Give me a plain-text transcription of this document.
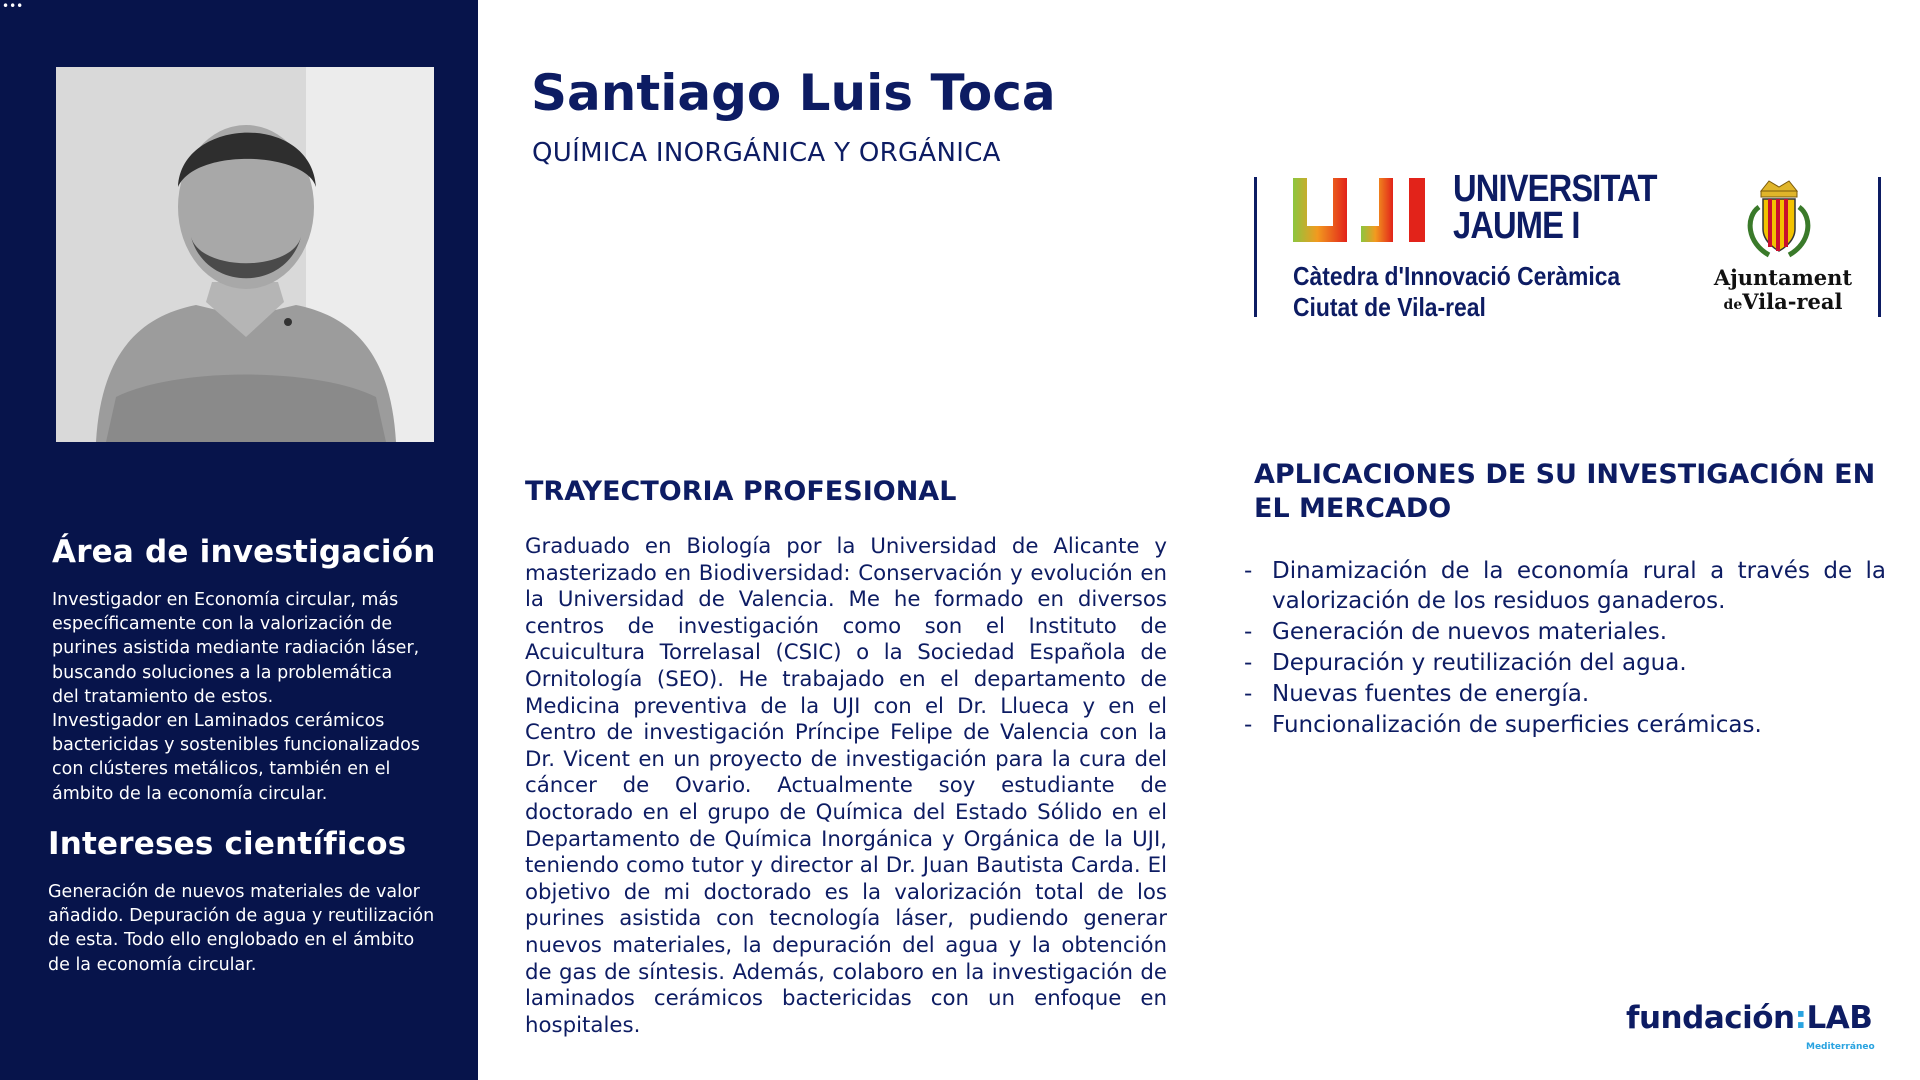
•••
Área de investigación

Investigador en Economía circular, más
específicamente con la valorización de
purines asistida mediante radiación láser,
buscando soluciones a la problemática
del tratamiento de estos.
Investigador en Laminados cerámicos
bactericidas y sostenibles funcionalizados
con clústeres metálicos, también en el
ámbito de la economía circular.

Intereses científicos

Generación de nuevos materiales de valor
añadido. Depuración de agua y reutilización
de esta. Todo ello englobado en el ámbito
de la economía circular.

Santiago Luis Toca
QUÍMICA INORGÁNICA Y ORGÁNICA
UNIVERSITAT
JAUME I
Càtedra d'Innovació Ceràmica
Ciutat de Vila-real
Ajuntament
deVila-real
TRAYECTORIA PROFESIONAL

Graduado en Biología por la Universidad de Alicante y masterizado en Biodiversidad: Conservación y evolución en la Universidad de Valencia. Me he formado en diversos centros de investigación como son el Instituto de Acuicultura Torrelasal (CSIC) o la Sociedad Española de Ornitología (SEO). He trabajado en el departamento de Medicina preventiva de la UJI con el Dr. Llueca y en el Centro de investigación Príncipe Felipe de Valencia con la Dr. Vicent en un proyecto de investigación para la cura del cáncer de Ovario. Actualmente soy estudiante de doctorado en el grupo de Química del Estado Sólido en el Departamento de Química Inorgánica y Orgánica de la UJI, teniendo como tutor y director al Dr. Juan Bautista Carda. El objetivo de mi doctorado es la valorización total de los purines asistida con tecnología láser, pudiendo generar nuevos materiales, la depuración del agua y la obtención de gas de síntesis. Además, colaboro en la investigación de laminados cerámicos bactericidas con un enfoque en hospitales.

APLICACIONES DE SU INVESTIGACIÓN EN
EL MERCADO
- Dinamización de la economía rural a través de la valorización de los residuos ganaderos.
- Generación de nuevos materiales.
- Depuración y reutilización del agua.
- Nuevas fuentes de energía.
- Funcionalización de superficies cerámicas.
fundación:LAB
Mediterráneo
